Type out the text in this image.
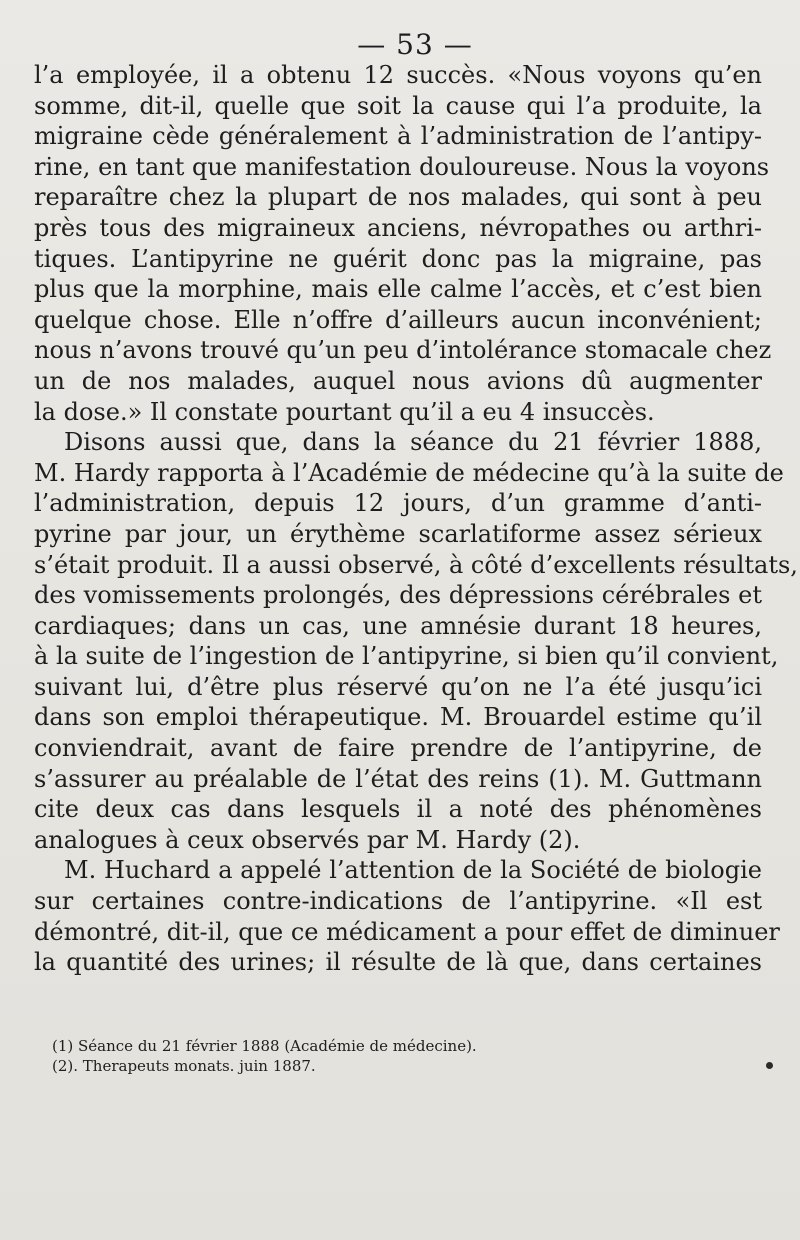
— 53 —
l’a employée, il a obtenu 12 succès. «Nous voyons qu’en
somme, dit-il, quelle que soit la cause qui l’a produite, la
migraine cède généralement à l’administration de l’antipy-
rine, en tant que manifestation douloureuse. Nous la voyons
reparaître chez la plupart de nos malades, qui sont à peu
près tous des migraineux anciens, névropathes ou arthri-
tiques. L’antipyrine ne guérit donc pas la migraine, pas
plus que la morphine, mais elle calme l’accès, et c’est bien
quelque chose. Elle n’offre d’ailleurs aucun inconvénient;
nous n’avons trouvé qu’un peu d’intolérance stomacale chez
un de nos malades, auquel nous avions dû augmenter
la dose.» Il constate pourtant qu’il a eu 4 insuccès.
Disons aussi que, dans la séance du 21 février 1888,
M. Hardy rapporta à l’Académie de médecine qu’à la suite de
l’administration, depuis 12 jours, d’un gramme d’anti-
pyrine par jour, un érythème scarlatiforme assez sérieux
s’était produit. Il a aussi observé, à côté d’excellents résultats,
des vomissements prolongés, des dépressions cérébrales et
cardiaques; dans un cas, une amnésie durant 18 heures,
à la suite de l’ingestion de l’antipyrine, si bien qu’il convient,
suivant lui, d’être plus réservé qu’on ne l’a été jusqu’ici
dans son emploi thérapeutique. M. Brouardel estime qu’il
conviendrait, avant de faire prendre de l’antipyrine, de
s’assurer au préalable de l’état des reins (1). M. Guttmann
cite deux cas dans lesquels il a noté des phénomènes
analogues à ceux observés par M. Hardy (2).
M. Huchard a appelé l’attention de la Société de biologie
sur certaines contre-indications de l’antipyrine. «Il est
démontré, dit-il, que ce médicament a pour effet de diminuer
la quantité des urines; il résulte de là que, dans certaines
(1) Séance du 21 février 1888 (Académie de médecine).
(2). Therapeuts monats. juin 1887.
